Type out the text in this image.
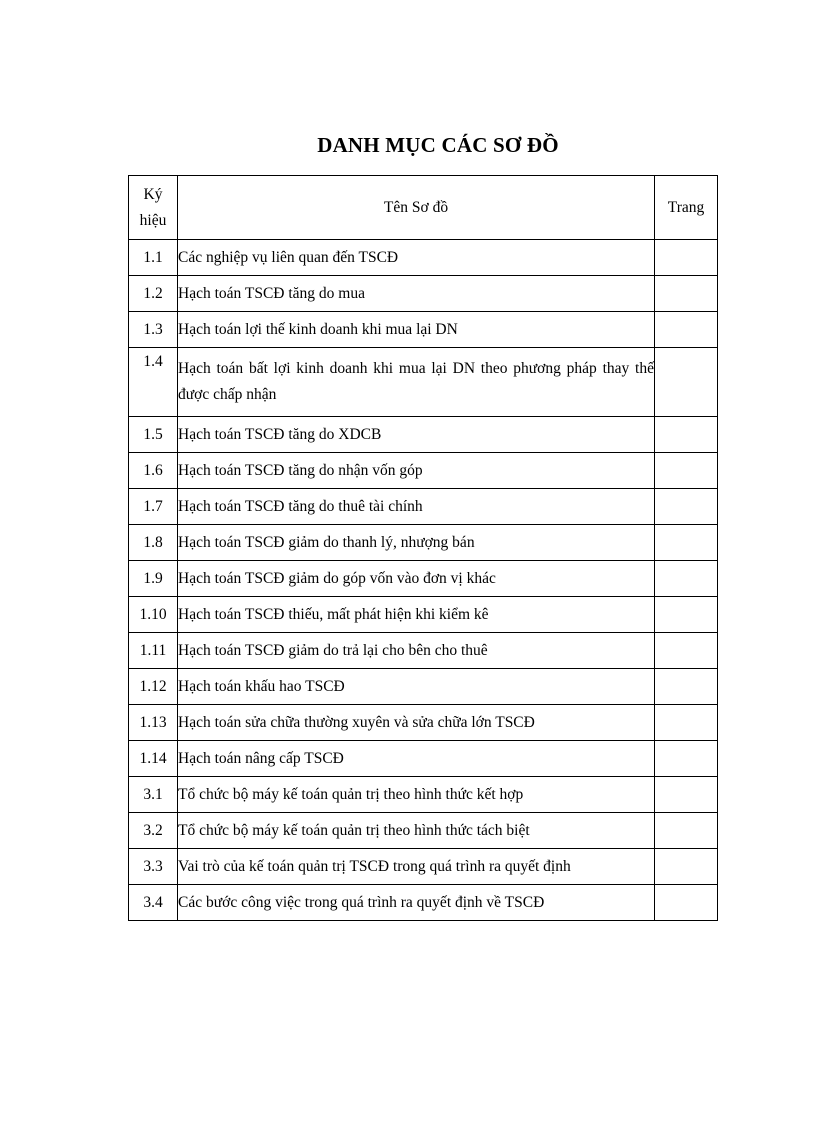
DANH MỤC CÁC SƠ ĐỒ
Ký
hiệu	Tên Sơ đồ	Trang
1.1	Các nghiệp vụ liên quan đến TSCĐ	
1.2	Hạch toán TSCĐ tăng do mua	
1.3	Hạch toán lợi thế kinh doanh khi mua lại DN	
1.4	Hạch toán bất lợi kinh doanh khi mua lại DN theo phương pháp thay thế được chấp nhận	
1.5	Hạch toán TSCĐ tăng do XDCB	
1.6	Hạch toán TSCĐ tăng do nhận vốn góp	
1.7	Hạch toán TSCĐ tăng do thuê tài chính	
1.8	Hạch toán TSCĐ giảm do thanh lý, nhượng bán	
1.9	Hạch toán TSCĐ giảm do góp vốn vào đơn vị khác	
1.10	Hạch toán TSCĐ thiếu, mất phát hiện khi kiểm kê	
1.11	Hạch toán TSCĐ giảm do trả lại cho bên cho thuê	
1.12	Hạch toán khấu hao TSCĐ	
1.13	Hạch toán sửa chữa thường xuyên và sửa chữa lớn TSCĐ	
1.14	Hạch toán nâng cấp TSCĐ	
3.1	Tổ chức bộ máy kế toán quản trị theo hình thức kết hợp	
3.2	Tổ chức bộ máy kế toán quản trị theo hình thức tách biệt	
3.3	Vai trò của kế toán quản trị TSCĐ trong quá trình ra quyết định	
3.4	Các bước công việc trong quá trình ra quyết định về TSCĐ	
